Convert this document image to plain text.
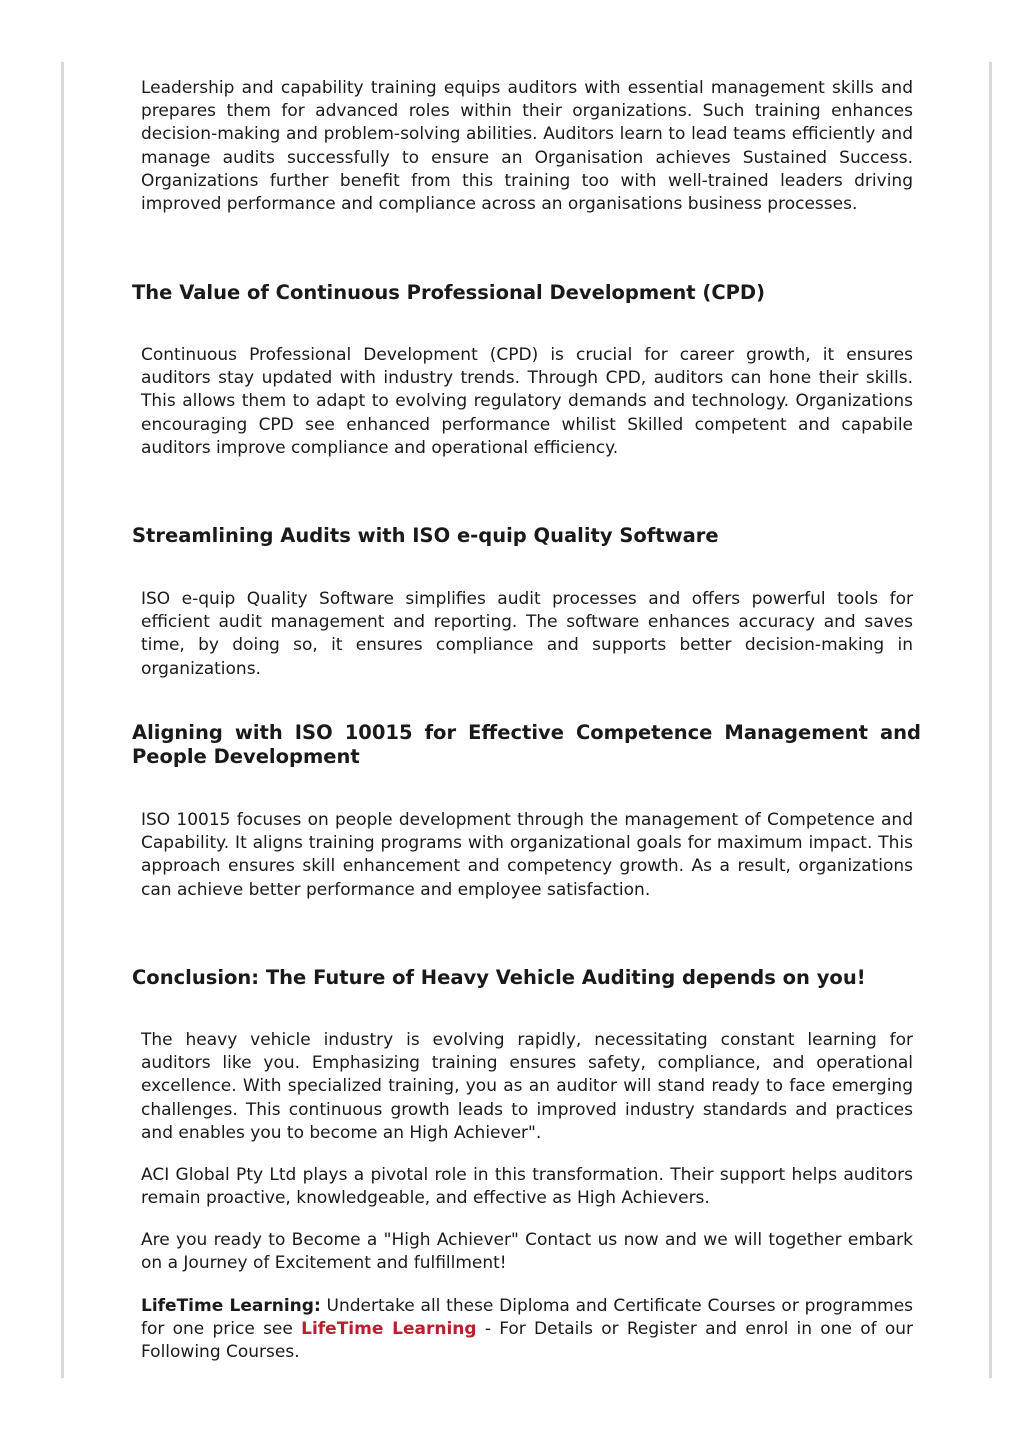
Leadership and capability training equips auditors with essential management skills and prepares them for advanced roles within their organizations. Such training enhances decision-making and problem-solving abilities. Auditors learn to lead teams efficiently and manage audits successfully to ensure an Organisation achieves Sustained Success. Organizations further benefit from this training too with well-trained leaders driving improved performance and compliance across an organisations business processes.

The Value of Continuous Professional Development (CPD)

Continuous Professional Development (CPD) is crucial for career growth, it ensures auditors stay updated with industry trends. Through CPD, auditors can hone their skills. This allows them to adapt to evolving regulatory demands and technology. Organizations encouraging CPD see enhanced performance whilist Skilled competent and capabile auditors improve compliance and operational efficiency.

Streamlining Audits with ISO e-quip Quality Software

ISO e-quip Quality Software simplifies audit processes and offers powerful tools for efficient audit management and reporting. The software enhances accuracy and saves time, by doing so, it ensures compliance and supports better decision-making in organizations.

Aligning with ISO 10015 for Effective Competence Management and People Development

ISO 10015 focuses on people development through the management of Competence and Capability. It aligns training programs with organizational goals for maximum impact. This approach ensures skill enhancement and competency growth. As a result, organizations can achieve better performance and employee satisfaction.

Conclusion: The Future of Heavy Vehicle Auditing depends on you!

The heavy vehicle industry is evolving rapidly, necessitating constant learning for auditors like you. Emphasizing training ensures safety, compliance, and operational excellence. With specialized training, you as an auditor will stand ready to face emerging challenges. This continuous growth leads to improved industry standards and practices and enables you to become an High Achiever".

ACI Global Pty Ltd plays a pivotal role in this transformation. Their support helps auditors remain proactive, knowledgeable, and effective as High Achievers.

Are you ready to Become a "High Achiever" Contact us now and we will together embark on a Journey of Excitement and fulfillment!

LifeTime Learning: Undertake all these Diploma and Certificate Courses or programmes for one price see LifeTime Learning - For Details or Register and enrol in one of our Following Courses.
